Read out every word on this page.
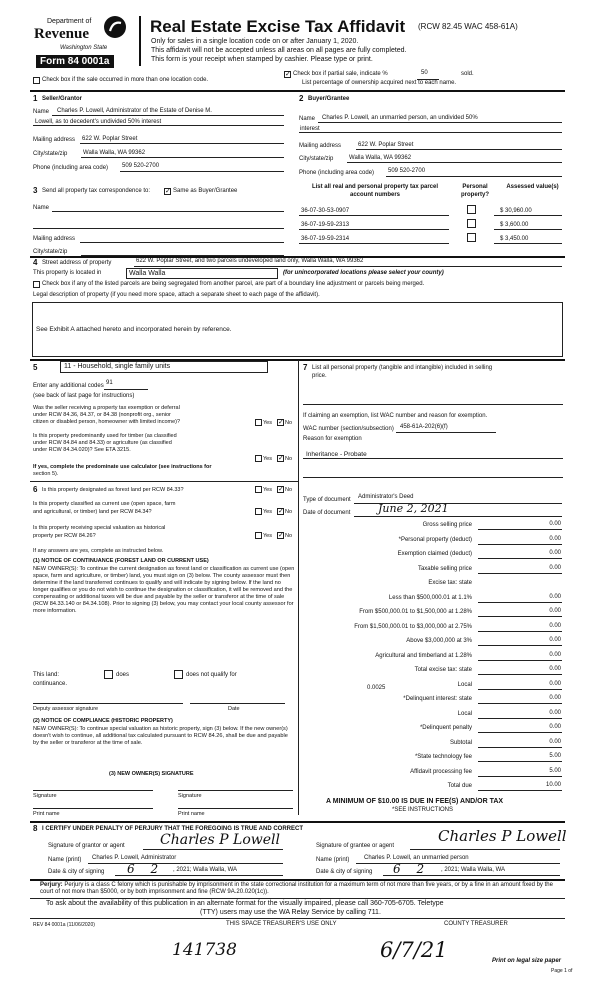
Department of
Revenue
Washington State
Form 84 0001a
Real Estate Excise Tax Affidavit (RCW 82.45 WAC 458-61A)
Only for sales in a single location code on or after January 1, 2020.
This affidavit will not be accepted unless all areas on all pages are fully completed.
This form is your receipt when stamped by cashier. Please type or print.
Check box if the sale occurred in more than one location code.
✓ Check box if partial sale, indicate %	50	sold.
List percentage of ownership acquired next to each name.
1 Seller/Grantor
Name Charles P. Lowell, Administrator of the Estate of Denise M.
Lowell, as to decedent's undivided 50% interest
Mailing address 622 W. Poplar Street
City/state/zip	Walla Walla, WA 99362
Phone (including area code) 509 520-2700
2 Buyer/Grantee
Name Charles P. Lowell, an unmarried person, an undivided 50%
interest
Mailing address	622 W. Poplar Street
City/state/zip	Walla Walla, WA 99362
Phone (including area code) 509 520-2700
3 Send all property tax correspondence to: ✓ Same as Buyer/Grantee
Name
Mailing address
City/state/zip
List all real and personal property tax parcel account numbers
Personal property?
Assessed value(s)
36-07-30-53-0907	$ 30,960.00
36-07-19-59-2313	$ 3,600.00
36-07-19-59-2314	$ 3,450.00
4 Street address of property	622 W. Poplar Street, and two parcels undeveloped land only, Walla Walla, WA 99362
This property is located in	Walla Walla	(for unincorporated locations please select your county)
Check box if any of the listed parcels are being segregated from another parcel, are part of a boundary line adjustment or parcels being merged.
Legal description of property (if you need more space, attach a separate sheet to each page of the affidavit).
See Exhibit A attached hereto and incorporated herein by reference.
5	11 - Household, single family units
Enter any additional codes 91
(see back of last page for instructions)
Was the seller receiving a property tax exemption or deferral
under RCW 84.36, 84.37, or 84.38 (nonprofit org., senior
citizen or disabled person, homeowner with limited income)?	Yes ✓ No
Is this property predominantly used for timber (as classified
under RCW 84.84 and 84.33) or agriculture (as classified
under RCW 84.34.020)? See ETA 3215.
Yes ✓ No
If yes, complete the predominate use calculator (see instructions for
section 5).
6 Is this property designated as forest land per RCW 84.33?	Yes ✓ No
Is this property classified as current use (open space, farm
and agricultural, or timber) land per RCW 84.34?	Yes ✓ No
Is this property receiving special valuation as historical
property per RCW 84.26?	Yes ✓ No
If any answers are yes, complete as instructed below.
(1) NOTICE OF CONTINUANCE (FOREST LAND OR CURRENT USE)
NEW OWNER(S): To continue the current designation as forest land or classification as current use (open space, farm and agriculture, or timber) land, you must sign on (3) below. The county assessor must then determine if the land transferred continues to qualify and will indicate by signing below. If the land no longer qualifies or you do not wish to continue the designation or classification, it will be removed and the compensating or additional taxes will be due and payable by the seller or transferor at the time of sale (RCW 84.33.140 or 84.34.108). Prior to signing (3) below, you may contact your local county assessor for more information.
This land:	does	does not qualify for
continuance.
Deputy assessor signature	Date
(2) NOTICE OF COMPLIANCE (HISTORIC PROPERTY)
NEW OWNER(S): To continue special valuation as historic property, sign (3) below. If the new owner(s) doesn't wish to continue, all additional tax calculated pursuant to RCW 84.26, shall be due and payable by the seller or transferor at the time of sale.
(3) NEW OWNER(S) SIGNATURE
Signature	Signature
Print name	Print name
7 List all personal property (tangible and intangible) included in selling
price.
If claiming an exemption, list WAC number and reason for exemption.
WAC number (section/subsection) 458-61A-202(6)(f)
Reason for exemption
Inheritance - Probate
Type of document Administrator's Deed
Date of document	June 2, 2021
Gross selling price	0.00
*Personal property (deduct)	0.00
Exemption claimed (deduct)	0.00
Taxable selling price	0.00
Excise tax: state
Less than $500,000.01 at 1.1%	0.00
From $500,000.01 to $1,500,000 at 1.28%	0.00
From $1,500,000.01 to $3,000,000 at 2.75%	0.00
Above $3,000,000 at 3%	0.00
Agricultural and timberland at 1.28%	0.00
Total excise tax: state	0.00
Local	0.00
*Delinquent interest: state	0.00
Local	0.00
*Delinquent penalty	0.00
Subtotal	0.00
*State technology fee	5.00
Affidavit processing fee	5.00
Total due	10.00
0.0025
A MINIMUM OF $10.00 IS DUE IN FEE(S) AND/OR TAX
*SEE INSTRUCTIONS
8 I CERTIFY UNDER PENALTY OF PERJURY THAT THE FOREGOING IS TRUE AND CORRECT
Signature of grantor or agent	Charles P Lowell
Name (print) Charles P. Lowell, Administrator
Date & city of signing 6 2 , 2021; Walla Walla, WA
Signature of grantee or agent
Charles P Lowell
Name (print) Charles P. Lowell, an unmarried person
Date & city of signing 6 2 , 2021; Walla Walla, WA
Perjury: Perjury is a class C felony which is punishable by imprisonment in the state correctional institution for a maximum term of not more than five years, or by a fine in an amount fixed by the court of not more than $5000, or by both imprisonment and fine (RCW 9A.20.020(1c)).
To ask about the availability of this publication in an alternate format for the visually impaired, please call 360-705-6705. Teletype
(TTY) users may use the WA Relay Service by calling 711.
REV 84 0001a (11/06/2020)	THIS SPACE TREASURER'S USE ONLY	COUNTY TREASURER
141738	6/7/21	Print on legal size paper
Page 1 of
